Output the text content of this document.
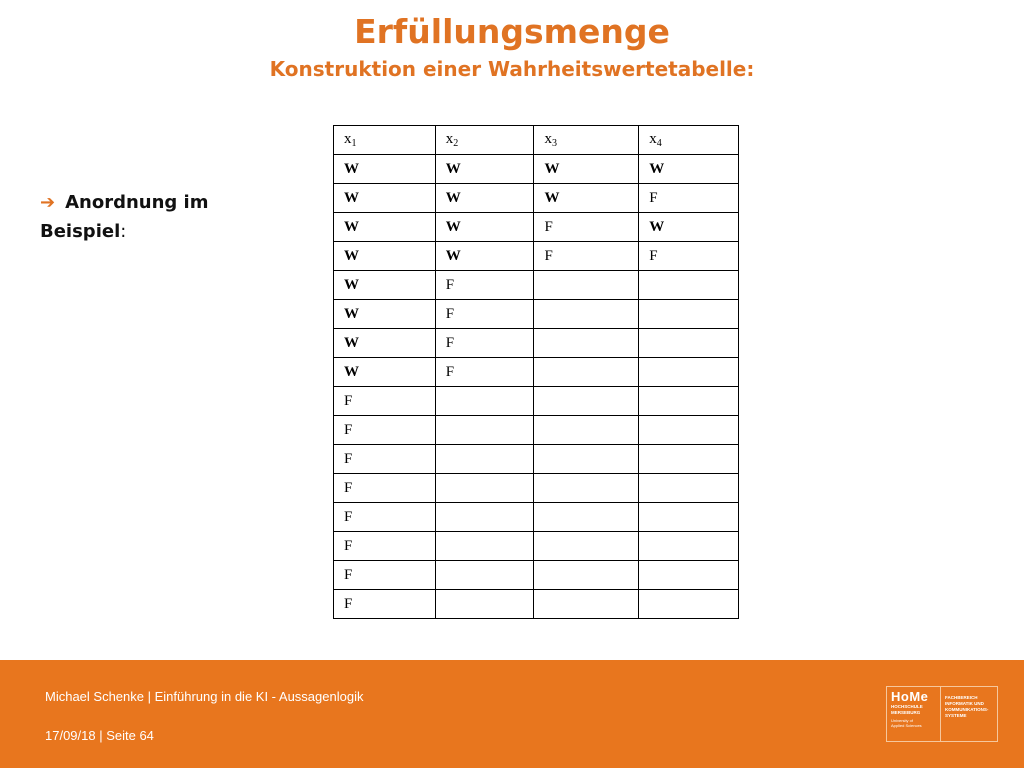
Erfüllungsmenge
Konstruktion einer Wahrheitswertetabelle:
➔ Anordnung im
Beispiel:
$x_1$	$x_2$	$x_3$	$x_4$
W	W	W	W
W	W	W	F
W	W	F	W
W	W	F	F
W	F		
W	F		
W	F		
W	F		
F			
F			
F			
F			
F			
F			
F			
F			
Michael Schenke | Einführung in die KI - Aussagenlogik
17/09/18 | Seite 64
HoMe
HOCHSCHULE
MERSEBURG
University of
Applied Sciences
FACHBEREICH
INFORMATIK UND
KOMMUNIKATIONS-
SYSTEME
